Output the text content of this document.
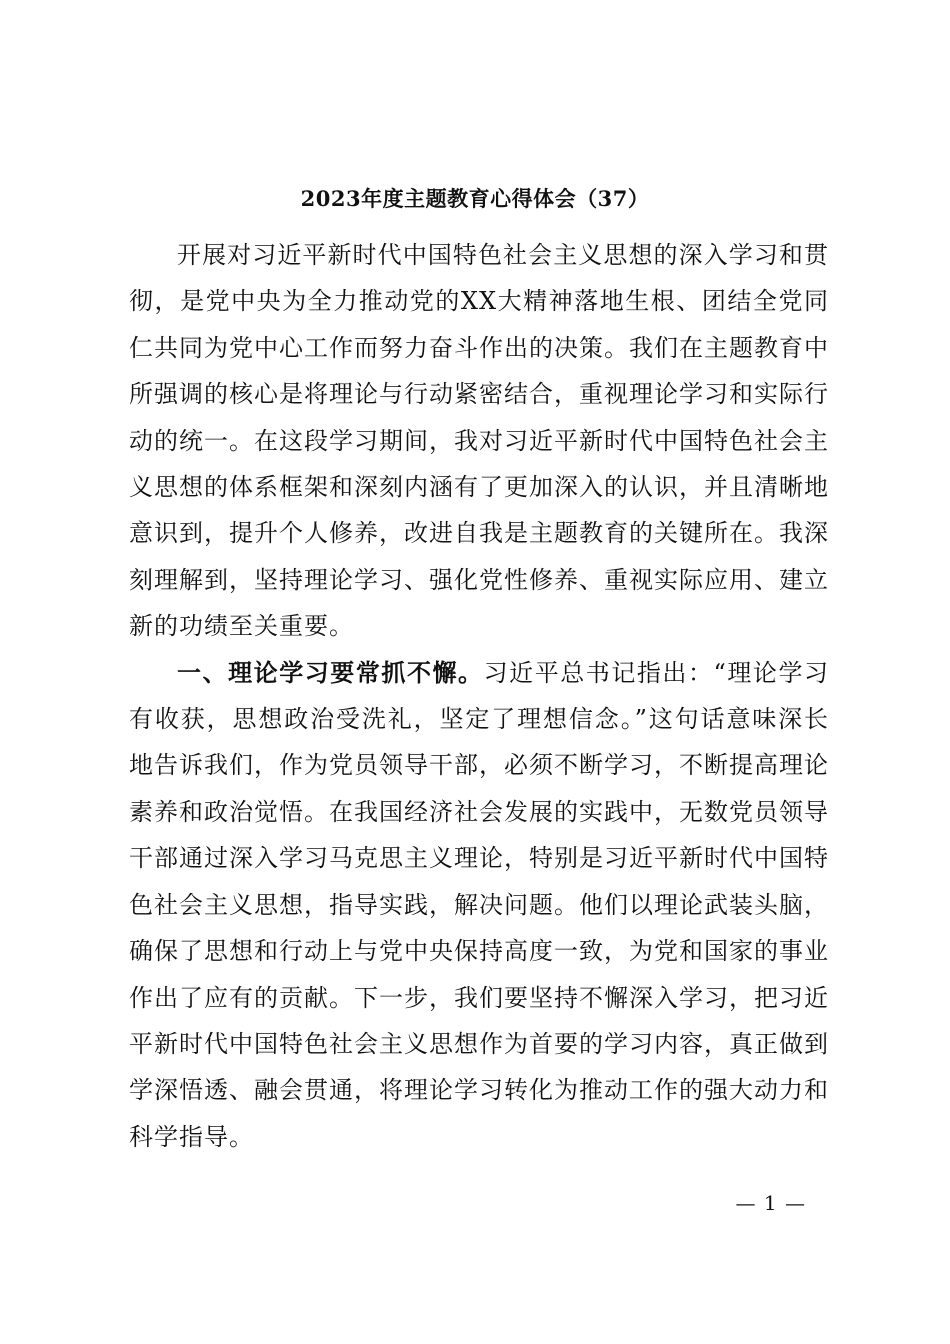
2023年度主题教育心得体会（37）

开展对习近平新时代中国特色社会主义思想的深入学习和贯彻，是党中央为全力推动党的XX大精神落地生根、团结全党同仁共同为党中心工作而努力奋斗作出的决策。我们在主题教育中所强调的核心是将理论与行动紧密结合，重视理论学习和实际行动的统一。在这段学习期间，我对习近平新时代中国特色社会主义思想的体系框架和深刻内涵有了更加深入的认识，并且清晰地意识到，提升个人修养，改进自我是主题教育的关键所在。我深刻理解到，坚持理论学习、强化党性修养、重视实际应用、建立新的功绩至关重要。

一、理论学习要常抓不懈。习近平总书记指出：“理论学习有收获，思想政治受洗礼，坚定了理想信念。”这句话意味深长地告诉我们，作为党员领导干部，必须不断学习，不断提高理论素养和政治觉悟。在我国经济社会发展的实践中，无数党员领导干部通过深入学习马克思主义理论，特别是习近平新时代中国特色社会主义思想，指导实践，解决问题。他们以理论武装头脑，确保了思想和行动上与党中央保持高度一致，为党和国家的事业作出了应有的贡献。下一步，我们要坚持不懈深入学习，把习近平新时代中国特色社会主义思想作为首要的学习内容，真正做到学深悟透、融会贯通，将理论学习转化为推动工作的强大动力和科学指导。

— 1 —
